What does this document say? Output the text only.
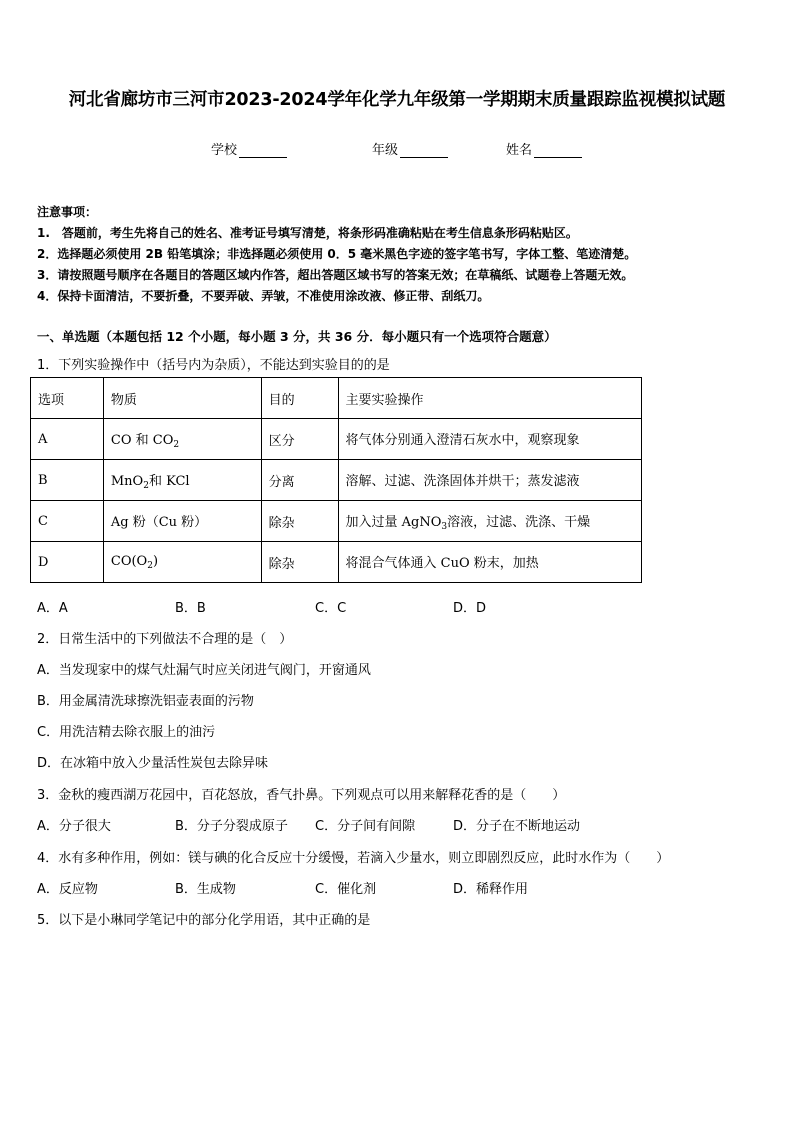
河北省廊坊市三河市2023-2024学年化学九年级第一学期期末质量跟踪监视模拟试题
学校	年级	姓名
注意事项：
1.　答题前，考生先将自己的姓名、准考证号填写清楚，将条形码准确粘贴在考生信息条形码粘贴区。
2．选择题必须使用 2B 铅笔填涂；非选择题必须使用 0．5 毫米黑色字迹的签字笔书写，字体工整、笔迹清楚。
3．请按照题号顺序在各题目的答题区域内作答，超出答题区域书写的答案无效；在草稿纸、试题卷上答题无效。
4．保持卡面清洁，不要折叠，不要弄破、弄皱，不准使用涂改液、修正带、刮纸刀。
一、单选题（本题包括 12 个小题，每小题 3 分，共 36 分．每小题只有一个选项符合题意）
1．下列实验操作中（括号内为杂质），不能达到实验目的的是
选项	物质	目的	主要实验操作
A	CO 和 $CO_2$	区分	将气体分别通入澄清石灰水中，观察现象
B	MnO$_2$和 KCl	分离	溶解、过滤、洗涤固体并烘干；蒸发滤液
C	Ag 粉（Cu 粉）	除杂	加入过量 AgNO$_3$溶液，过滤、洗涤、干燥
D	$CO(O_2)$	除杂	将混合气体通入 CuO 粉末，加热
A．A	B．B	C．C	D．D
2．日常生活中的下列做法不合理的是（　）
A．当发现家中的煤气灶漏气时应关闭进气阀门，开窗通风
B．用金属清洗球擦洗铝壶表面的污物
C．用洗洁精去除衣服上的油污
D．在冰箱中放入少量活性炭包去除异味
3．金秋的瘦西湖万花园中，百花怒放，香气扑鼻。下列观点可以用来解释花香的是（　　）
A．分子很大	B．分子分裂成原子 C．分子间有间隙	D．分子在不断地运动
4．水有多种作用，例如：镁与碘的化合反应十分缓慢，若滴入少量水，则立即剧烈反应，此时水作为（　　）
A．反应物	B．生成物	C．催化剂	D．稀释作用
5．以下是小琳同学笔记中的部分化学用语，其中正确的是
